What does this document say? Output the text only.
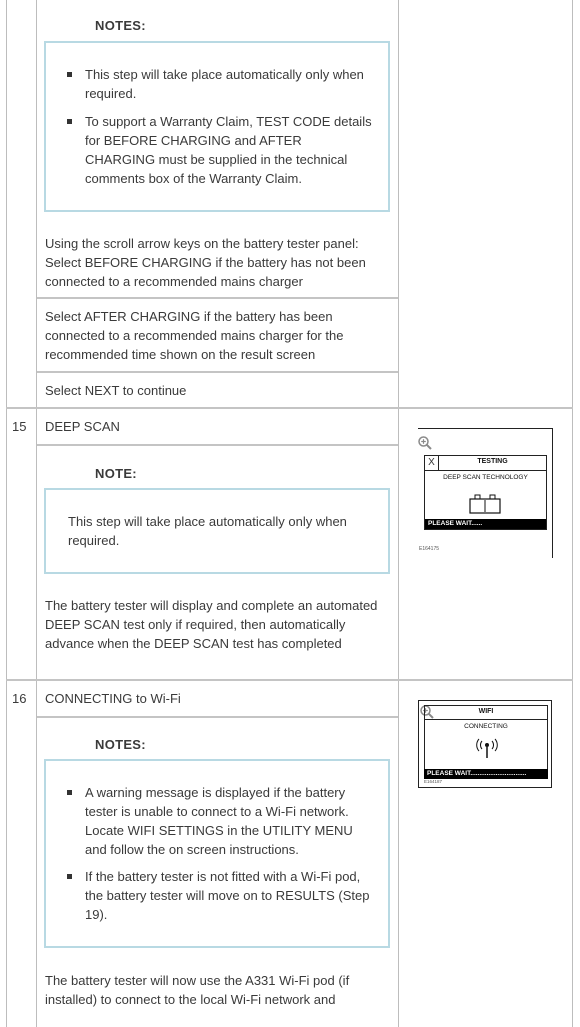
NOTES:
This step will take place automatically only when required.
To support a Warranty Claim, TEST CODE details for BEFORE CHARGING and AFTER CHARGING must be supplied in the technical comments box of the Warranty Claim.
Using the scroll arrow keys on the battery tester panel: Select BEFORE CHARGING if the battery has not been connected to a recommended mains charger
Select AFTER CHARGING if the battery has been connected to a recommended mains charger for the recommended time shown on the result screen
Select NEXT to continue
15 DEEP SCAN
NOTE:
This step will take place automatically only when required.
The battery tester will display and complete an automated DEEP SCAN test only if required, then automatically advance when the DEEP SCAN test has completed
X	TESTING
DEEP SCAN TECHNOLOGY
PLEASE WAIT......
E164175
16 CONNECTING to Wi-Fi
NOTES:
A warning message is displayed if the battery tester is unable to connect to a Wi-Fi network. Locate WIFI SETTINGS in the UTILITY MENU and follow the on screen instructions.
If the battery tester is not fitted with a Wi-Fi pod, the battery tester will move on to RESULTS (Step 19).
The battery tester will now use the A331 Wi-Fi pod (if installed) to connect to the local Wi-Fi network and
WIFI
CONNECTING
PLEASE WAIT...............................
E164187
